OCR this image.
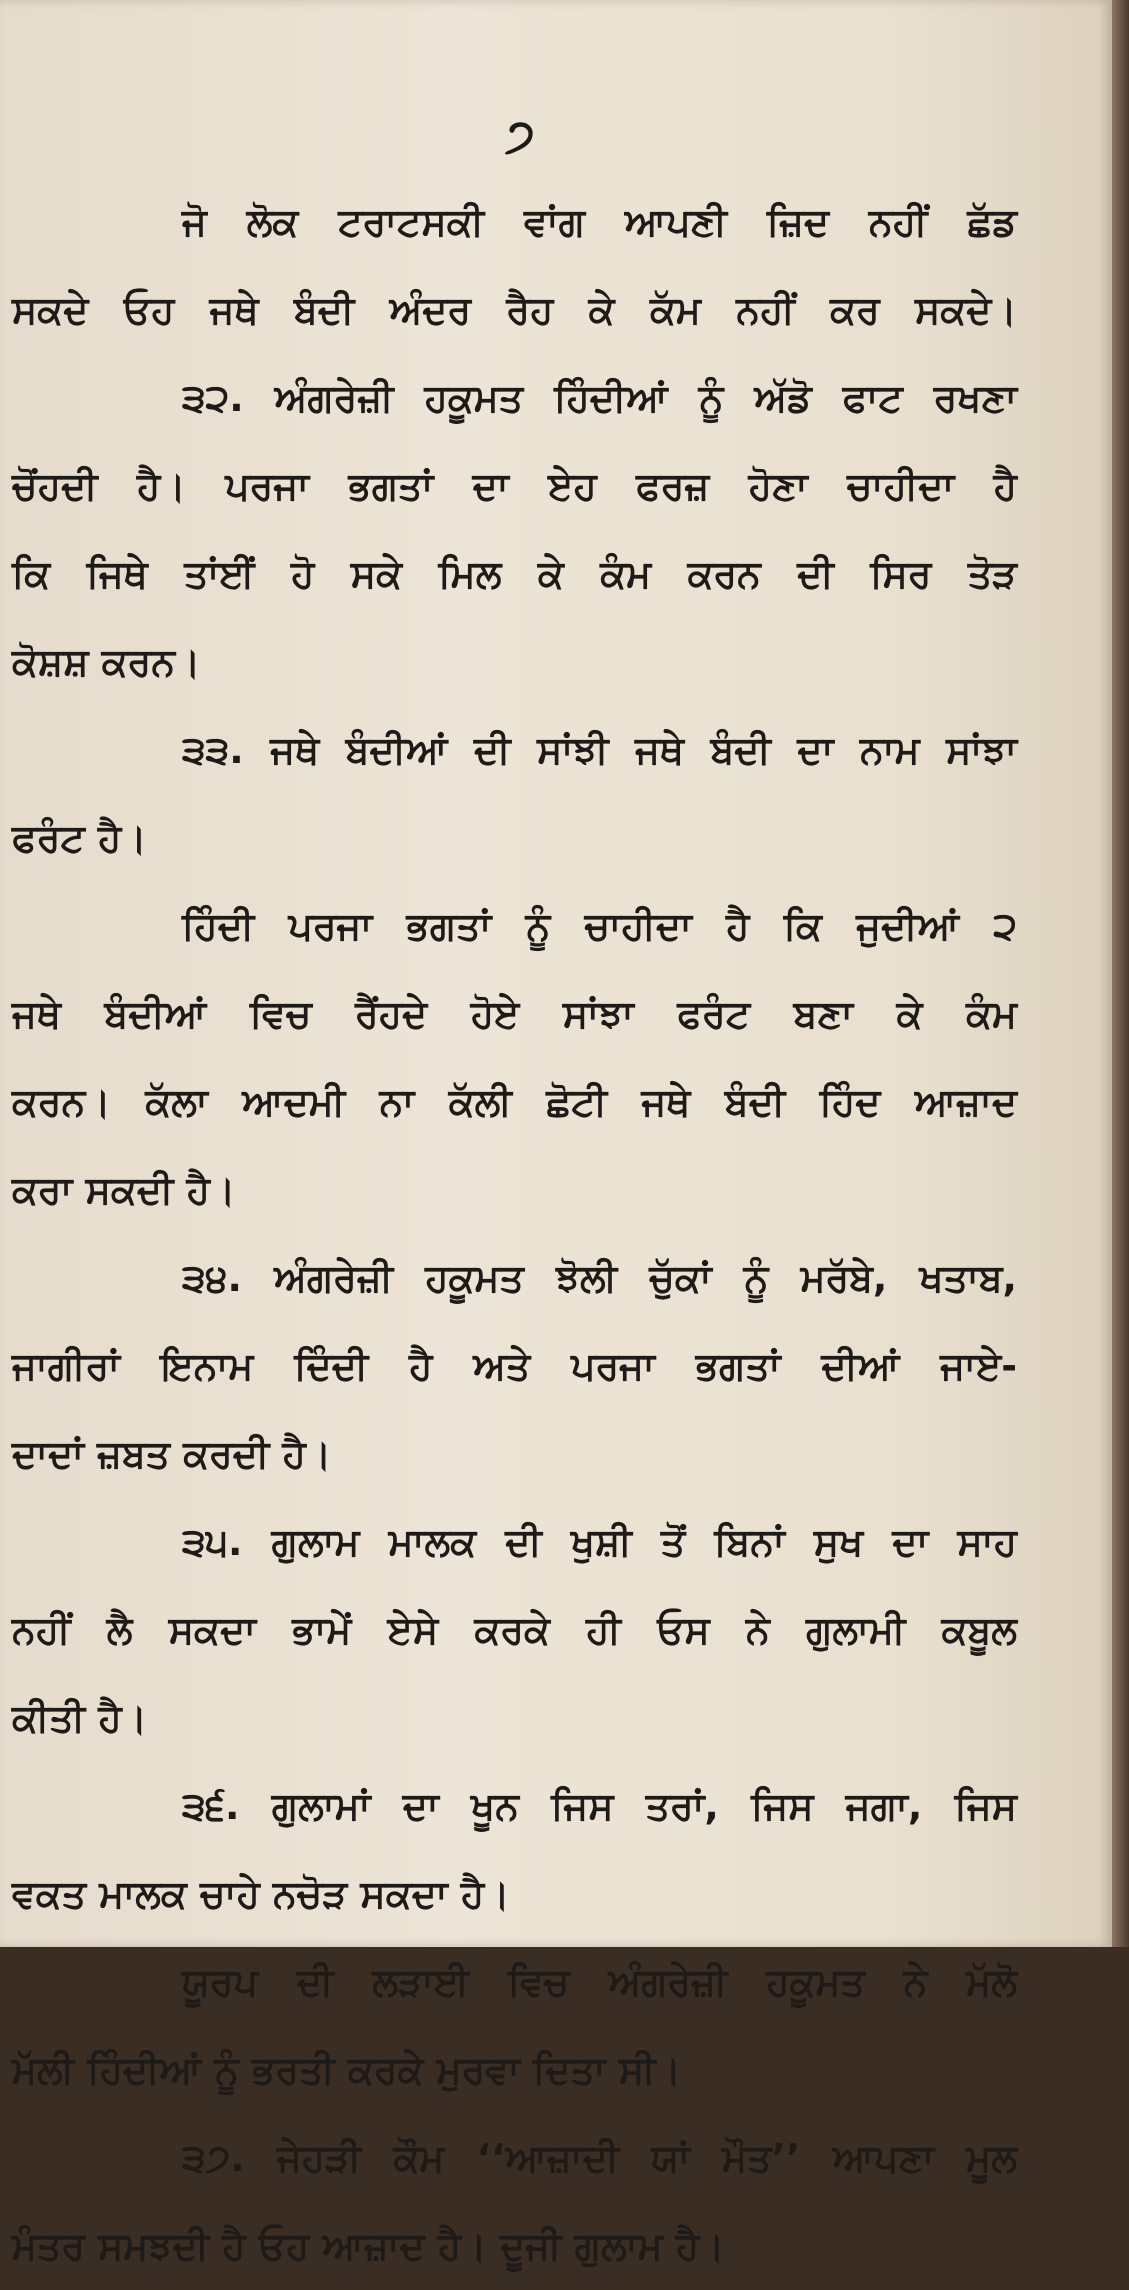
੭
ਜੋ ਲੋਕ ਟਰਾਟਸਕੀ ਵਾਂਗ ਆਪਣੀ ਜ਼ਿਦ ਨਹੀਂ ਛੱਡ
ਸਕਦੇ ਓਹ ਜਥੇ ਬੰਦੀ ਅੰਦਰ ਰੈਹ ਕੇ ਕੱਮ ਨਹੀਂ ਕਰ ਸਕਦੇ।
੩੨. ਅੰਗਰੇਜ਼ੀ ਹਕੂਮਤ ਹਿੰਦੀਆਂ ਨੂੰ ਅੱਡੋ ਫਾਟ ਰਖਣਾ
ਚੋਂਹਦੀ ਹੈ। ਪਰਜਾ ਭਗਤਾਂ ਦਾ ਏਹ ਫਰਜ਼ ਹੋਣਾ ਚਾਹੀਦਾ ਹੈ
ਕਿ ਜਿਥੇ ਤਾਂਈਂ ਹੋ ਸਕੇ ਮਿਲ ਕੇ ਕੰਮ ਕਰਨ ਦੀ ਸਿਰ ਤੋੜ
ਕੋਸ਼ਸ਼ ਕਰਨ।
੩੩. ਜਥੇ ਬੰਦੀਆਂ ਦੀ ਸਾਂਝੀ ਜਥੇ ਬੰਦੀ ਦਾ ਨਾਮ ਸਾਂਝਾ
ਫਰੰਟ ਹੈ।
ਹਿੰਦੀ ਪਰਜਾ ਭਗਤਾਂ ਨੂੰ ਚਾਹੀਦਾ ਹੈ ਕਿ ਜੁਦੀਆਂ ੨
ਜਥੇ ਬੰਦੀਆਂ ਵਿਚ ਰੈਂਹਦੇ ਹੋਏ ਸਾਂਝਾ ਫਰੰਟ ਬਣਾ ਕੇ ਕੰਮ
ਕਰਨ। ਕੱਲਾ ਆਦਮੀ ਨਾ ਕੱਲੀ ਛੋਟੀ ਜਥੇ ਬੰਦੀ ਹਿੰਦ ਆਜ਼ਾਦ
ਕਰਾ ਸਕਦੀ ਹੈ।
੩੪. ਅੰਗਰੇਜ਼ੀ ਹਕੂਮਤ ਝੋਲੀ ਚੁੱਕਾਂ ਨੂੰ ਮਰੱਬੇ, ਖਤਾਬ,
ਜਾਗੀਰਾਂ ਇਨਾਮ ਦਿੰਦੀ ਹੈ ਅਤੇ ਪਰਜਾ ਭਗਤਾਂ ਦੀਆਂ ਜਾਏ-
ਦਾਦਾਂ ਜ਼ਬਤ ਕਰਦੀ ਹੈ।
੩੫. ਗੁਲਾਮ ਮਾਲਕ ਦੀ ਖੁਸ਼ੀ ਤੋਂ ਬਿਨਾਂ ਸੁਖ ਦਾ ਸਾਹ
ਨਹੀਂ ਲੈ ਸਕਦਾ ਭਾਮੇਂ ਏਸੇ ਕਰਕੇ ਹੀ ਓਸ ਨੇ ਗੁਲਾਮੀ ਕਬੂਲ
ਕੀਤੀ ਹੈ।
੩੬. ਗੁਲਾਮਾਂ ਦਾ ਖੂਨ ਜਿਸ ਤਰਾਂ, ਜਿਸ ਜਗਾ, ਜਿਸ
ਵਕਤ ਮਾਲਕ ਚਾਹੇ ਨਚੋੜ ਸਕਦਾ ਹੈ।
ਯੂਰਪ ਦੀ ਲੜਾਈ ਵਿਚ ਅੰਗਰੇਜ਼ੀ ਹਕੂਮਤ ਨੇ ਮੱਲੋ
ਮੱਲੀ ਹਿੰਦੀਆਂ ਨੂੰ ਭਰਤੀ ਕਰਕੇ ਮੁਰਵਾ ਦਿਤਾ ਸੀ।
੩੭. ਜੇਹੜੀ ਕੌਮ ‘‘ਆਜ਼ਾਦੀ ਯਾਂ ਮੌਤ’’ ਆਪਣਾ ਮੂਲ
ਮੰਤਰ ਸਮਝਦੀ ਹੈ ਓਹ ਆਜ਼ਾਦ ਹੈ। ਦੂਜੀ ਗੁਲਾਮ ਹੈ।
